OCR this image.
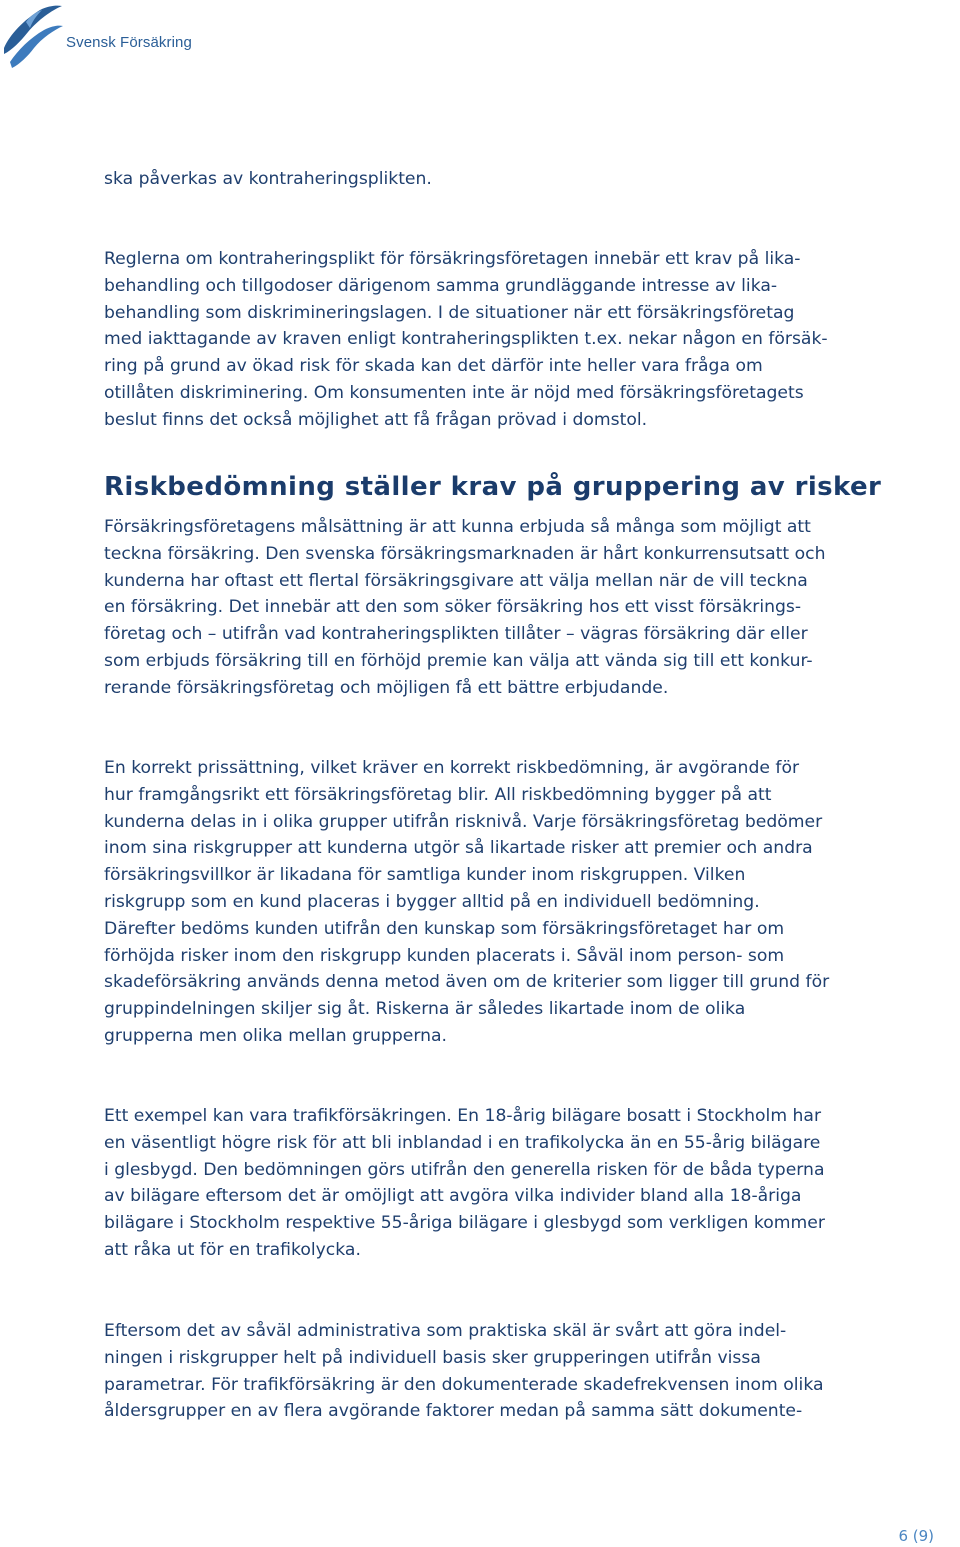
Svensk Försäkring
ska påverkas av kontraheringsplikten.
Reglerna om kontraheringsplikt för försäkringsföretagen innebär ett krav på lika-
behandling och tillgodoser därigenom samma grundläggande intresse av lika-
behandling som diskrimineringslagen. I de situationer när ett försäkringsföretag
med iakttagande av kraven enligt kontraheringsplikten t.ex. nekar någon en försäk-
ring på grund av ökad risk för skada kan det därför inte heller vara fråga om
otillåten diskriminering. Om konsumenten inte är nöjd med försäkringsföretagets
beslut finns det också möjlighet att få frågan prövad i domstol.
Riskbedömning ställer krav på gruppering av risker
Försäkringsföretagens målsättning är att kunna erbjuda så många som möjligt att
teckna försäkring. Den svenska försäkringsmarknaden är hårt konkurrensutsatt och
kunderna har oftast ett flertal försäkringsgivare att välja mellan när de vill teckna
en försäkring. Det innebär att den som söker försäkring hos ett visst försäkrings-
företag och – utifrån vad kontraheringsplikten tillåter – vägras försäkring där eller
som erbjuds försäkring till en förhöjd premie kan välja att vända sig till ett konkur-
rerande försäkringsföretag och möjligen få ett bättre erbjudande.
En korrekt prissättning, vilket kräver en korrekt riskbedömning, är avgörande för
hur framgångsrikt ett försäkringsföretag blir. All riskbedömning bygger på att
kunderna delas in i olika grupper utifrån risknivå. Varje försäkringsföretag bedömer
inom sina riskgrupper att kunderna utgör så likartade risker att premier och andra
försäkringsvillkor är likadana för samtliga kunder inom riskgruppen. Vilken
riskgrupp som en kund placeras i bygger alltid på en individuell bedömning.
Därefter bedöms kunden utifrån den kunskap som försäkringsföretaget har om
förhöjda risker inom den riskgrupp kunden placerats i. Såväl inom person- som
skadeförsäkring används denna metod även om de kriterier som ligger till grund för
gruppindelningen skiljer sig åt. Riskerna är således likartade inom de olika
grupperna men olika mellan grupperna.
Ett exempel kan vara trafikförsäkringen. En 18-årig bilägare bosatt i Stockholm har
en väsentligt högre risk för att bli inblandad i en trafikolycka än en 55-årig bilägare
i glesbygd. Den bedömningen görs utifrån den generella risken för de båda typerna
av bilägare eftersom det är omöjligt att avgöra vilka individer bland alla 18-åriga
bilägare i Stockholm respektive 55-åriga bilägare i glesbygd som verkligen kommer
att råka ut för en trafikolycka.
Eftersom det av såväl administrativa som praktiska skäl är svårt att göra indel-
ningen i riskgrupper helt på individuell basis sker grupperingen utifrån vissa
parametrar. För trafikförsäkring är den dokumenterade skadefrekvensen inom olika
åldersgrupper en av flera avgörande faktorer medan på samma sätt dokumente-
6 (9)
